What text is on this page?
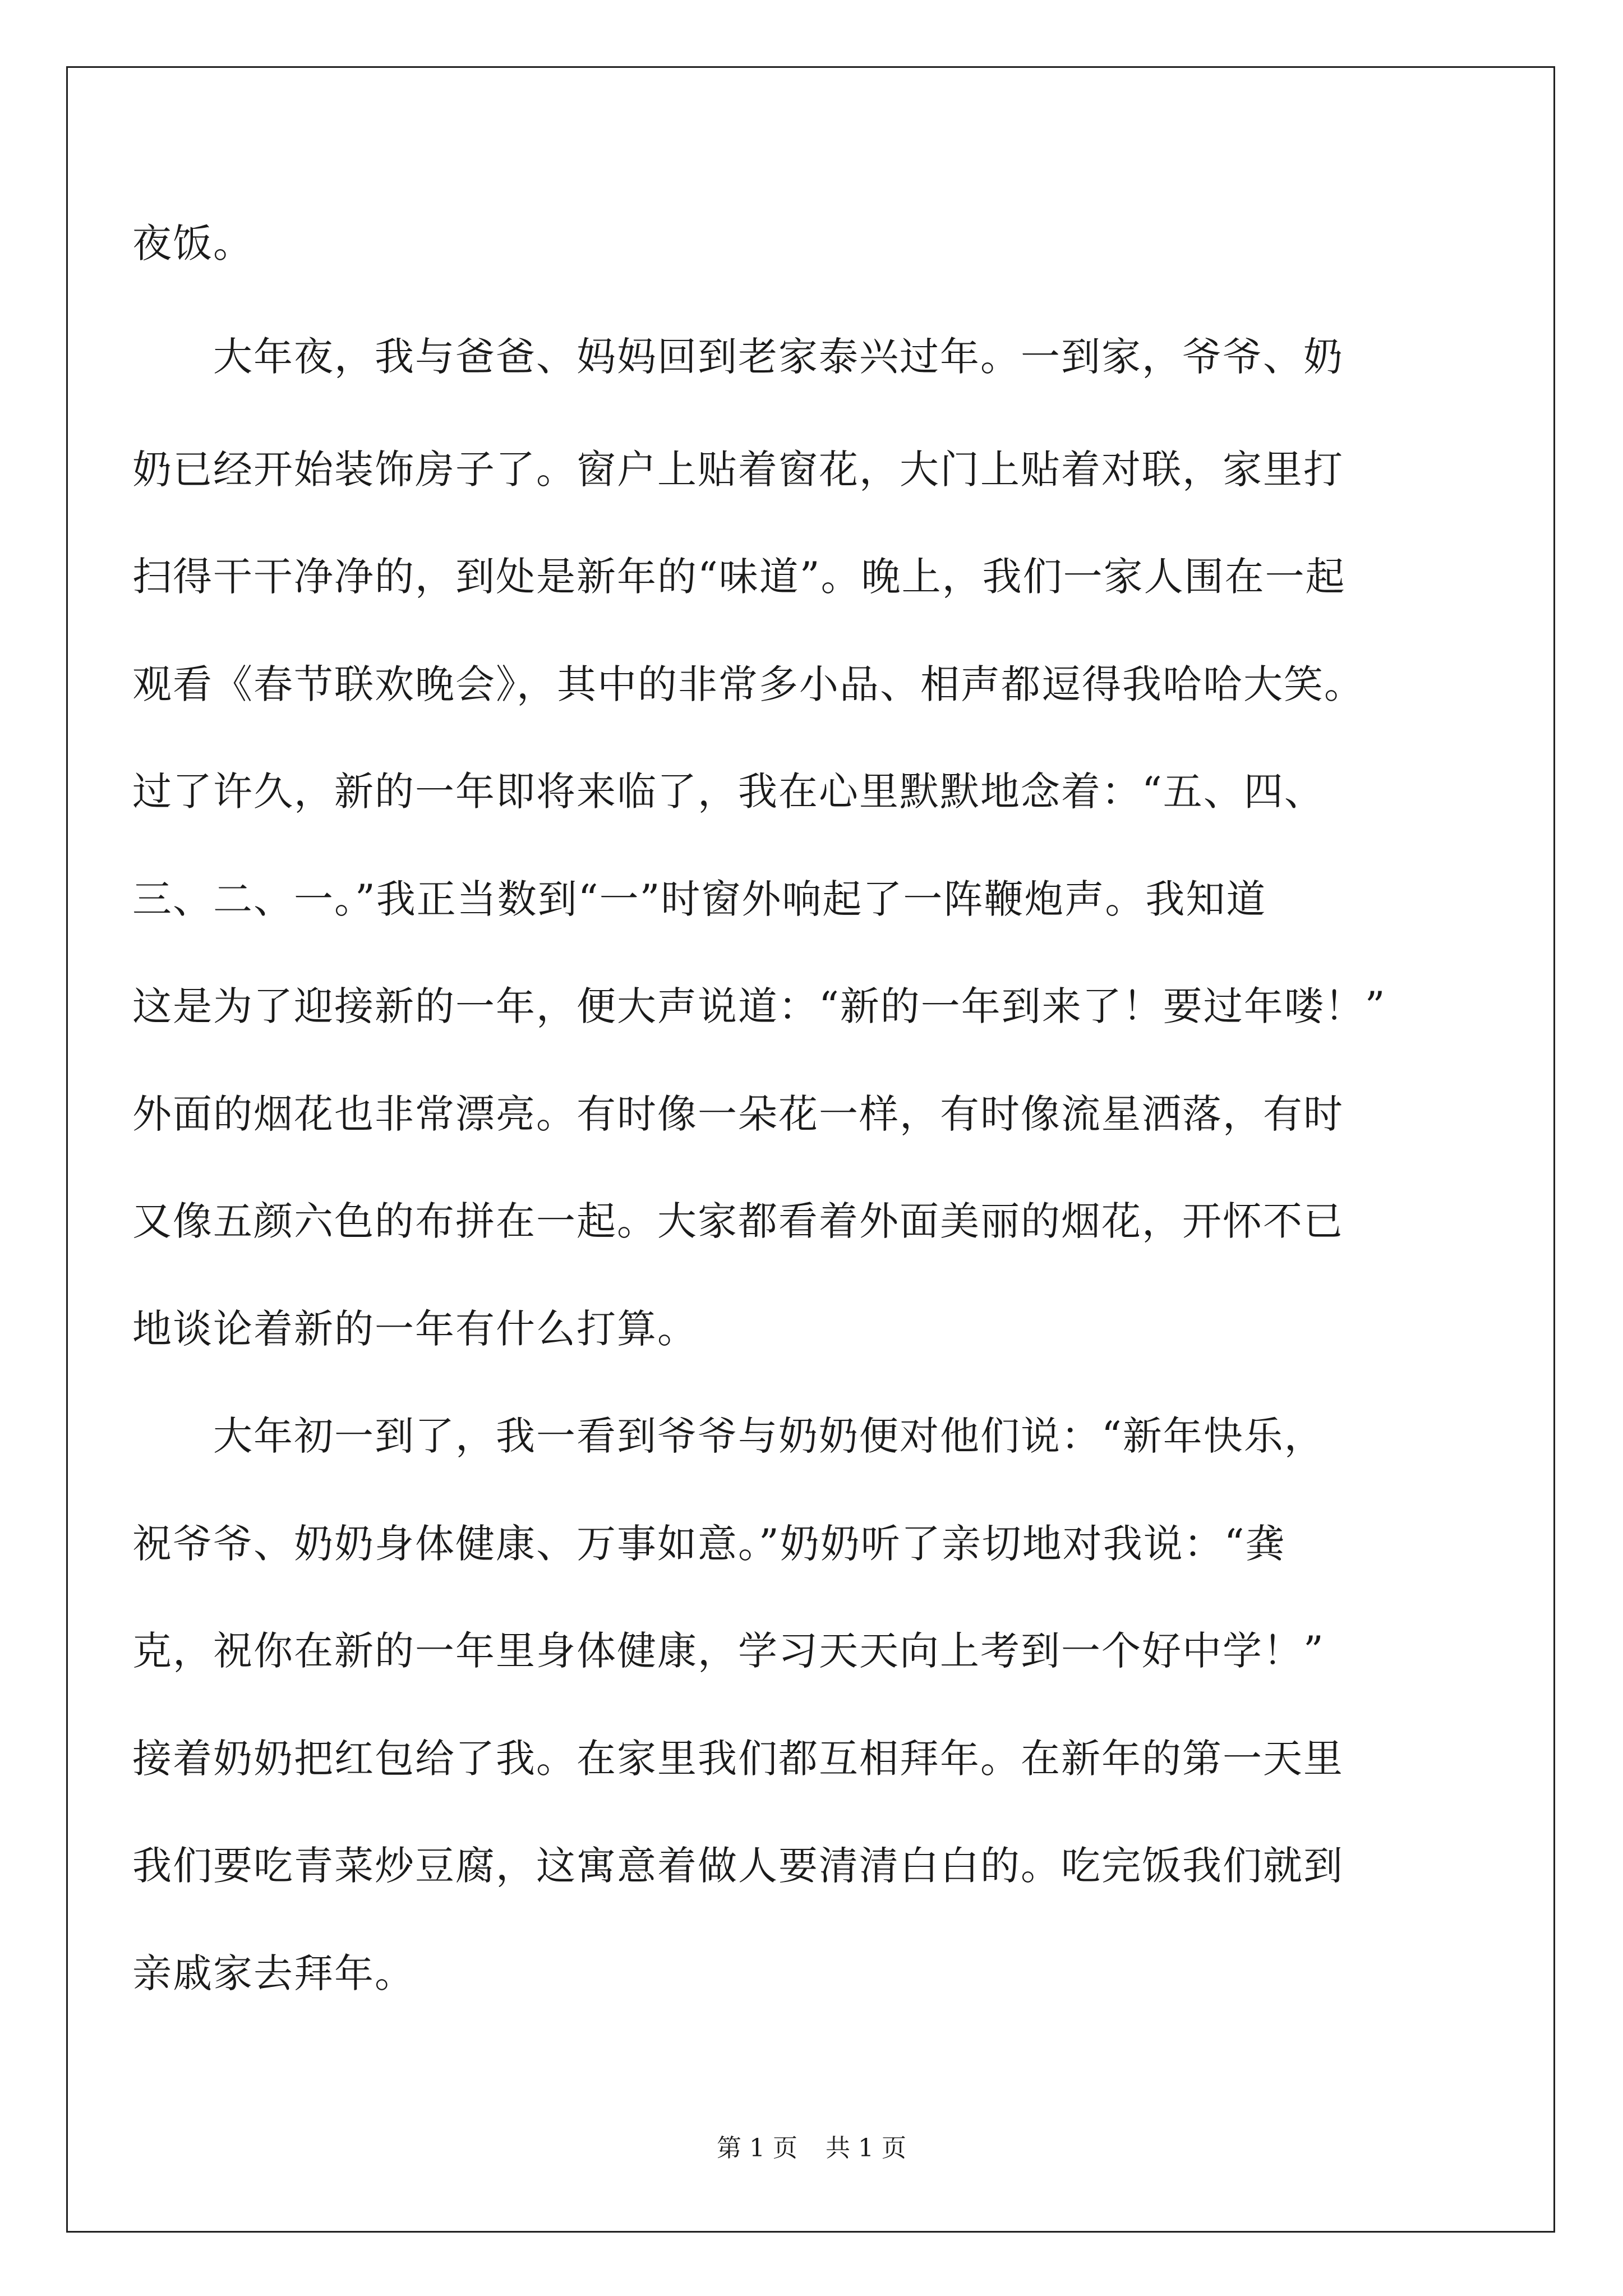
夜饭。
　　大年夜，我与爸爸、妈妈回到老家泰兴过年。一到家，爷爷、奶
奶已经开始装饰房子了。窗户上贴着窗花，大门上贴着对联，家里打
扫得干干净净的，到处是新年的“味道”。晚上，我们一家人围在一起
观看《春节联欢晚会》，其中的非常多小品、相声都逗得我哈哈大笑。
过了许久，新的一年即将来临了，我在心里默默地念着：“五、四、
三、二、一。”我正当数到“一”时窗外响起了一阵鞭炮声。我知道
这是为了迎接新的一年，便大声说道：“新的一年到来了！要过年喽！”
外面的烟花也非常漂亮。有时像一朵花一样，有时像流星洒落，有时
又像五颜六色的布拼在一起。大家都看着外面美丽的烟花，开怀不已
地谈论着新的一年有什么打算。
　　大年初一到了，我一看到爷爷与奶奶便对他们说：“新年快乐，
祝爷爷、奶奶身体健康、万事如意。”奶奶听了亲切地对我说：“龚
克，祝你在新的一年里身体健康，学习天天向上考到一个好中学！”
接着奶奶把红包给了我。在家里我们都互相拜年。在新年的第一天里
我们要吃青菜炒豆腐，这寓意着做人要清清白白的。吃完饭我们就到
亲戚家去拜年。
第 1 页 共 1 页
